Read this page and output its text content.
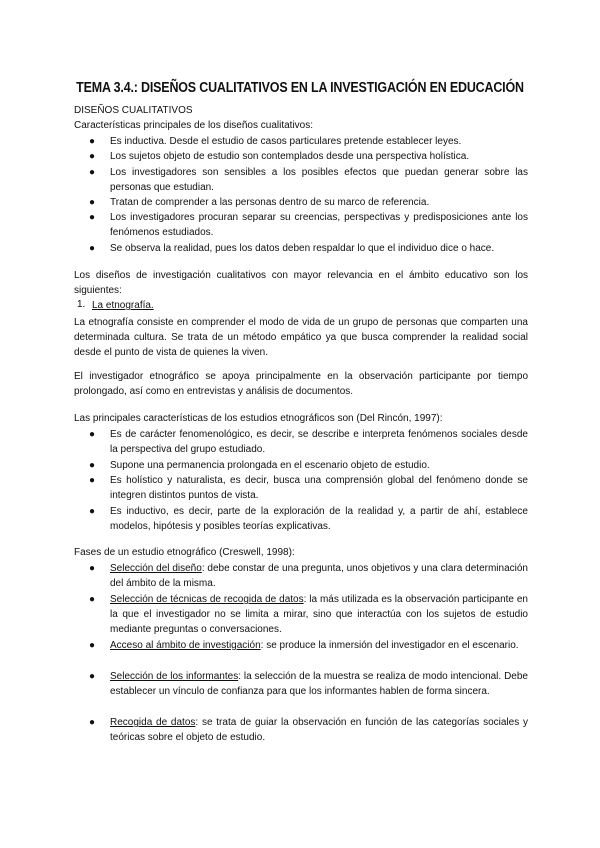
TEMA 3.4.: DISEÑOS CUALITATIVOS EN LA INVESTIGACIÓN EN EDUCACIÓN
DISEÑOS CUALITATIVOS
Características principales de los diseños cualitativos:
● Es inductiva. Desde el estudio de casos particulares pretende establecer leyes.
● Los sujetos objeto de estudio son contemplados desde una perspectiva holística.
● Los investigadores son sensibles a los posibles efectos que puedan generar sobre las personas que estudian.
● Tratan de comprender a las personas dentro de su marco de referencia.
● Los investigadores procuran separar su creencias, perspectivas y predisposiciones ante los fenómenos estudiados.
● Se observa la realidad, pues los datos deben respaldar lo que el individuo dice o hace.
Los diseños de investigación cualitativos con mayor relevancia en el ámbito educativo son los siguientes:
1. La etnografía.
La etnografía consiste en comprender el modo de vida de un grupo de personas que comparten una determinada cultura. Se trata de un método empático ya que busca comprender la realidad social desde el punto de vista de quienes la viven.
El investigador etnográfico se apoya principalmente en la observación participante por tiempo prolongado, así como en entrevistas y análisis de documentos.
Las principales características de los estudios etnográficos son (Del Rincón, 1997):
● Es de carácter fenomenológico, es decir, se describe e interpreta fenómenos sociales desde la perspectiva del grupo estudiado.
● Supone una permanencia prolongada en el escenario objeto de estudio.
● Es holístico y naturalista, es decir, busca una comprensión global del fenómeno donde se integren distintos puntos de vista.
● Es inductivo, es decir, parte de la exploración de la realidad y, a partir de ahí, establece modelos, hipótesis y posibles teorías explicativas.
Fases de un estudio etnográfico (Creswell, 1998):
● Selección del diseño: debe constar de una pregunta, unos objetivos y una clara determinación del ámbito de la misma.
● Selección de técnicas de recogida de datos: la más utilizada es la observación participante en la que el investigador no se limita a mirar, sino que interactúa con los sujetos de estudio mediante preguntas o conversaciones.
● Acceso al ámbito de investigación: se produce la inmersión del investigador en el escenario.
● Selección de los informantes: la selección de la muestra se realiza de modo intencional. Debe establecer un vínculo de confianza para que los informantes hablen de forma sincera.
● Recogida de datos: se trata de guiar la observación en función de las categorías sociales y teóricas sobre el objeto de estudio.
